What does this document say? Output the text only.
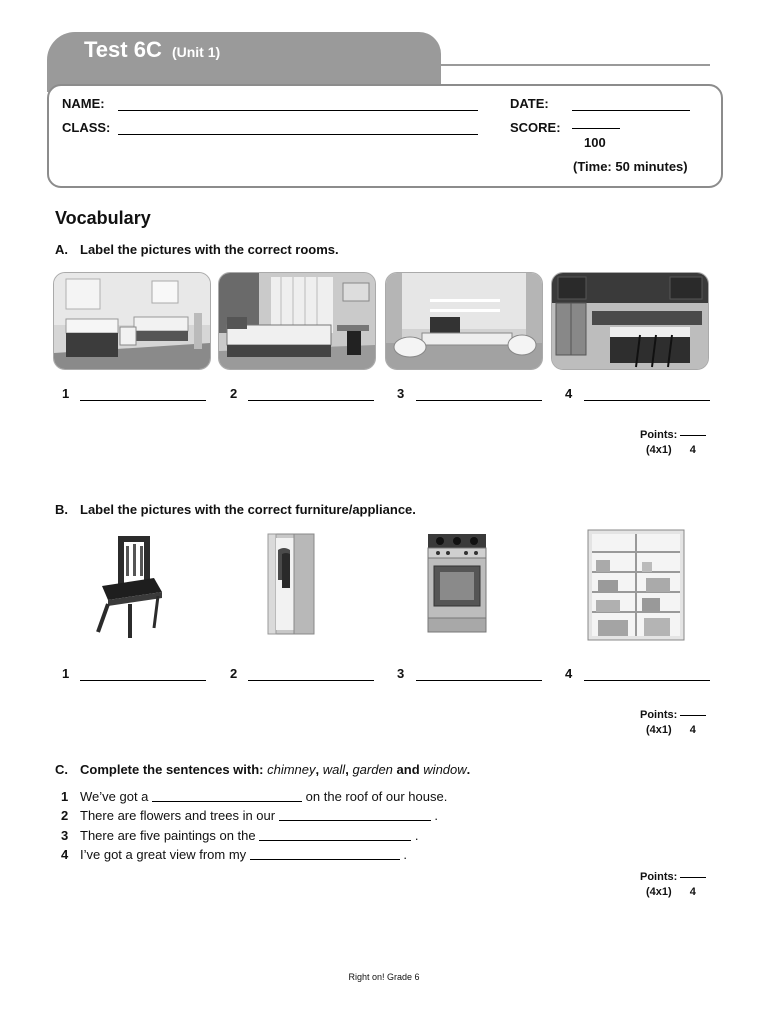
Test 6C (Unit 1)
NAME:
CLASS:
DATE:
SCORE:
100
(Time: 50 minutes)
Vocabulary
A. Label the pictures with the correct rooms.
1	2	3	4
Points:
(4x1) 4
B. Label the pictures with the correct furniture/appliance.
1	2	3	4
Points:
(4x1) 4
C. Complete the sentences with: chimney, wall, garden and window.
1 We’ve got a	on the roof of our house.
2 There are flowers and trees in our	.
3 There are five paintings on the	.
4 I’ve got a great view from my	.
Points:
(4x1) 4
Right on! Grade 6
